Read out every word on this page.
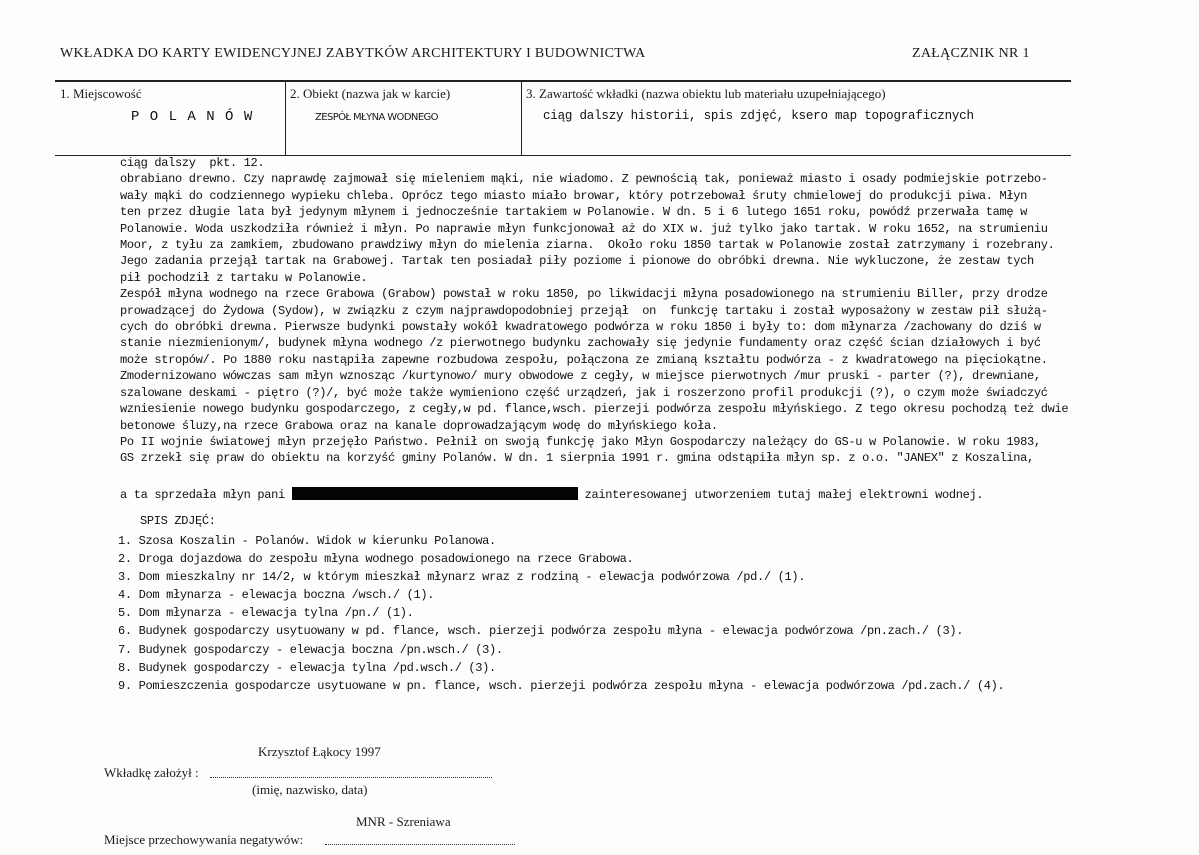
WKŁADKA DO KARTY EWIDENCYJNEJ ZABYTKÓW ARCHITEKTURY I BUDOWNICTWA	ZAŁĄCZNIK NR 1
1. Miejscowość	2. Obiekt (nazwa jak w karcie)	3. Zawartość wkładki (nazwa obiektu lub materiału uzupełniającego)
P O L A N Ó W	ZESPÓŁ MŁYNA WODNEGO	ciąg dalszy historii, spis zdjęć, ksero map topograficznych
ciąg dalszy  pkt. 12.
obrabiano drewno. Czy naprawdę zajmował się mieleniem mąki, nie wiadomo. Z pewnością tak, ponieważ miasto i osady podmiejskie potrzebo-
wały mąki do codziennego wypieku chleba. Oprócz tego miasto miało browar, który potrzebował śruty chmielowej do produkcji piwa. Młyn
ten przez długie lata był jedynym młynem i jednocześnie tartakiem w Polanowie. W dn. 5 i 6 lutego 1651 roku, powódź przerwała tamę w
Polanowie. Woda uszkodziła również i młyn. Po naprawie młyn funkcjonował aż do XIX w. już tylko jako tartak. W roku 1652, na strumieniu
Moor, z tyłu za zamkiem, zbudowano prawdziwy młyn do mielenia ziarna.  Około roku 1850 tartak w Polanowie został zatrzymany i rozebrany.
Jego zadania przejął tartak na Grabowej. Tartak ten posiadał piły poziome i pionowe do obróbki drewna. Nie wykluczone, że zestaw tych
pił pochodził z tartaku w Polanowie.
Zespół młyna wodnego na rzece Grabowa (Grabow) powstał w roku 1850, po likwidacji młyna posadowionego na strumieniu Biller, przy drodze
prowadzącej do Żydowa (Sydow), w związku z czym najprawdopodobniej przejął  on  funkcję tartaku i został wyposażony w zestaw pił służą-
cych do obróbki drewna. Pierwsze budynki powstały wokół kwadratowego podwórza w roku 1850 i były to: dom młynarza /zachowany do dziś w
stanie niezmienionym/, budynek młyna wodnego /z pierwotnego budynku zachowały się jedynie fundamenty oraz część ścian działowych i być
może stropów/. Po 1880 roku nastąpiła zapewne rozbudowa zespołu, połączona ze zmianą kształtu podwórza - z kwadratowego na pięciokątne.
Zmodernizowano wówczas sam młyn wznosząc /kurtynowo/ mury obwodowe z cegły, w miejsce pierwotnych /mur pruski - parter (?), drewniane,
szalowane deskami - piętro (?)/, być może także wymieniono część urządzeń, jak i roszerzono profil produkcji (?), o czym może świadczyć
wzniesienie nowego budynku gospodarczego, z cegły,w pd. flance,wsch. pierzeji podwórza zespołu młyńskiego. Z tego okresu pochodzą też dwie
betonowe śluzy,na rzece Grabowa oraz na kanale doprowadzającym wodę do młyńskiego koła.
Po II wojnie światowej młyn przejęło Państwo. Pełnił on swoją funkcję jako Młyn Gospodarczy należący do GS-u w Polanowie. W roku 1983,
GS zrzekł się praw do obiektu na korzyść gminy Polanów. W dn. 1 sierpnia 1991 r. gmina odstąpiła młyn sp. z o.o. "JANEX" z Koszalina,
a ta sprzedała młyn pani	zainteresowanej utworzeniem tutaj małej elektrowni wodnej.
SPIS ZDJĘĆ:
1. Szosa Koszalin - Polanów. Widok w kierunku Polanowa.
2. Droga dojazdowa do zespołu młyna wodnego posadowionego na rzece Grabowa.
3. Dom mieszkalny nr 14/2, w którym mieszkał młynarz wraz z rodziną - elewacja podwórzowa /pd./ (1).
4. Dom młynarza - elewacja boczna /wsch./ (1).
5. Dom młynarza - elewacja tylna /pn./ (1).
6. Budynek gospodarczy usytuowany w pd. flance, wsch. pierzeji podwórza zespołu młyna - elewacja podwórzowa /pn.zach./ (3).
7. Budynek gospodarczy - elewacja boczna /pn.wsch./ (3).
8. Budynek gospodarczy - elewacja tylna /pd.wsch./ (3).
9. Pomieszczenia gospodarcze usytuowane w pn. flance, wsch. pierzeji podwórza zespołu młyna - elewacja podwórzowa /pd.zach./ (4).
Krzysztof Łąkocy 1997
Wkładkę założył :
(imię, nazwisko, data)
MNR - Szreniawa
Miejsce przechowywania negatywów:
